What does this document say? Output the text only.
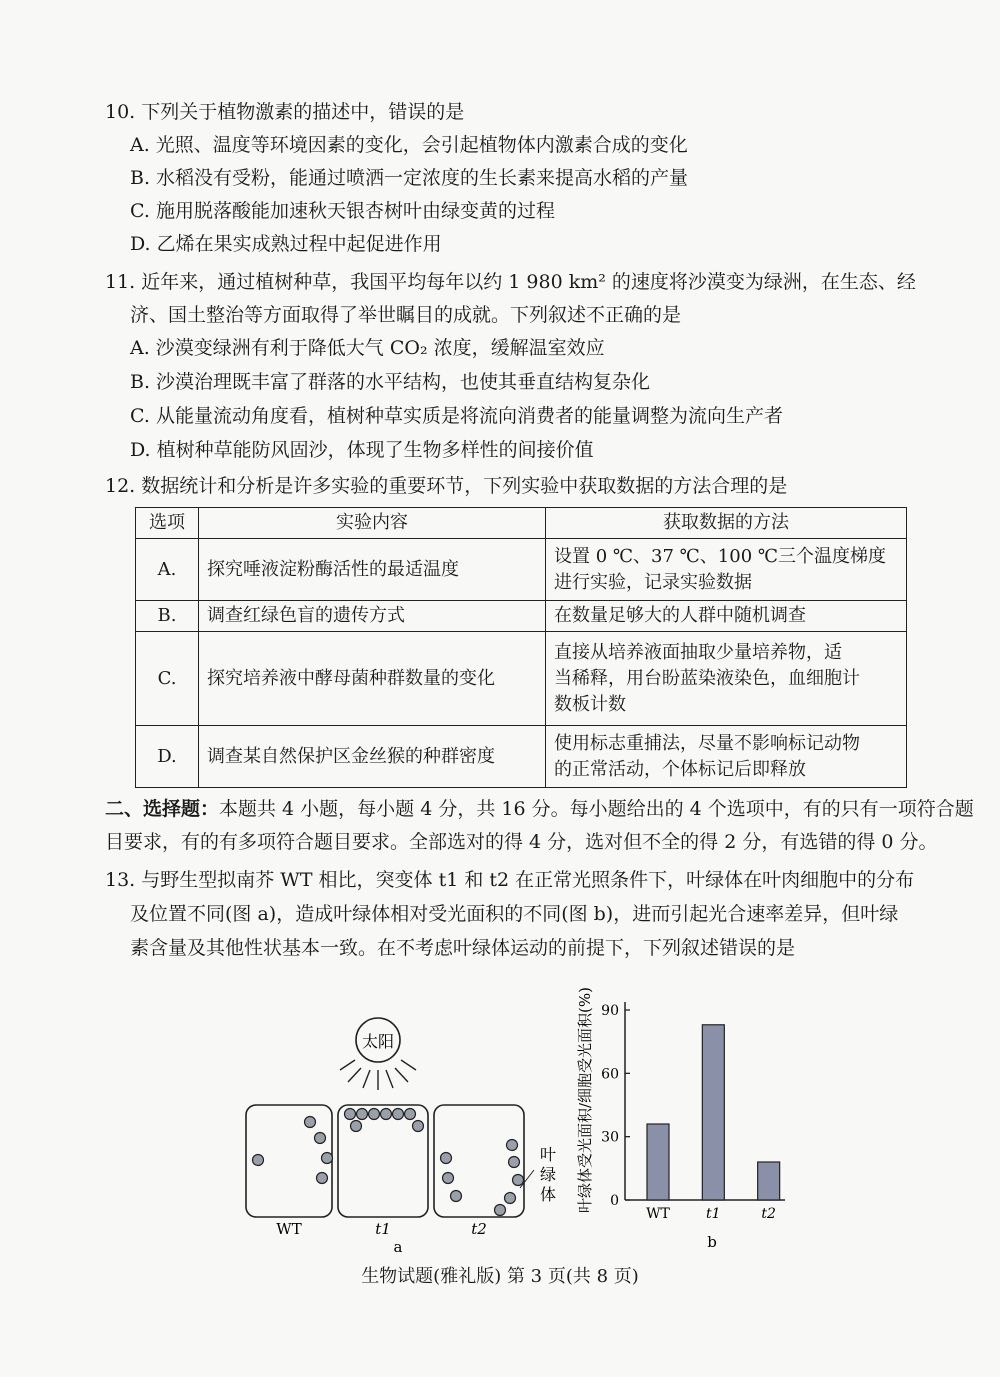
10. 下列关于植物激素的描述中，错误的是
A. 光照、温度等环境因素的变化，会引起植物体内激素合成的变化
B. 水稻没有受粉，能通过喷洒一定浓度的生长素来提高水稻的产量
C. 施用脱落酸能加速秋天银杏树叶由绿变黄的过程
D. 乙烯在果实成熟过程中起促进作用
11. 近年来，通过植树种草，我国平均每年以约 1 980 km² 的速度将沙漠变为绿洲，在生态、经
济、国土整治等方面取得了举世瞩目的成就。下列叙述不正确的是
A. 沙漠变绿洲有利于降低大气 CO₂ 浓度，缓解温室效应
B. 沙漠治理既丰富了群落的水平结构，也使其垂直结构复杂化
C. 从能量流动角度看，植树种草实质是将流向消费者的能量调整为流向生产者
D. 植树种草能防风固沙，体现了生物多样性的间接价值
12. 数据统计和分析是许多实验的重要环节，下列实验中获取数据的方法合理的是
选项	实验内容	获取数据的方法
A.	探究唾液淀粉酶活性的最适温度	设置 0 ℃、37 ℃、100 ℃三个温度梯度
进行实验，记录实验数据

B.	调查红绿色盲的遗传方式	在数量足够大的人群中随机调查
C.	探究培养液中酵母菌种群数量的变化	直接从培养液面抽取少量培养物，适
当稀释，用台盼蓝染液染色，血细胞计
数板计数

D.	调查某自然保护区金丝猴的种群密度	使用标志重捕法，尽量不影响标记动物
的正常活动，个体标记后即释放
二、选择题：本题共 4 小题，每小题 4 分，共 16 分。每小题给出的 4 个选项中，有的只有一项符合题
目要求，有的有多项符合题目要求。全部选对的得 4 分，选对但不全的得 2 分，有选错的得 0 分。
13. 与野生型拟南芥 WT 相比，突变体 t1 和 t2 在正常光照条件下，叶绿体在叶肉细胞中的分布
及位置不同(图 a)，造成叶绿体相对受光面积的不同(图 b)，进而引起光合速率差异，但叶绿
素含量及其他性状基本一致。在不考虑叶绿体运动的前提下，下列叙述错误的是
太阳
WT	t1	t2
a
叶绿体 叶绿体受光面积/细胞受光面积(%) 0
30
60
90
WT	t1	t2
b
生物试题(雅礼版) 第 3 页(共 8 页)
